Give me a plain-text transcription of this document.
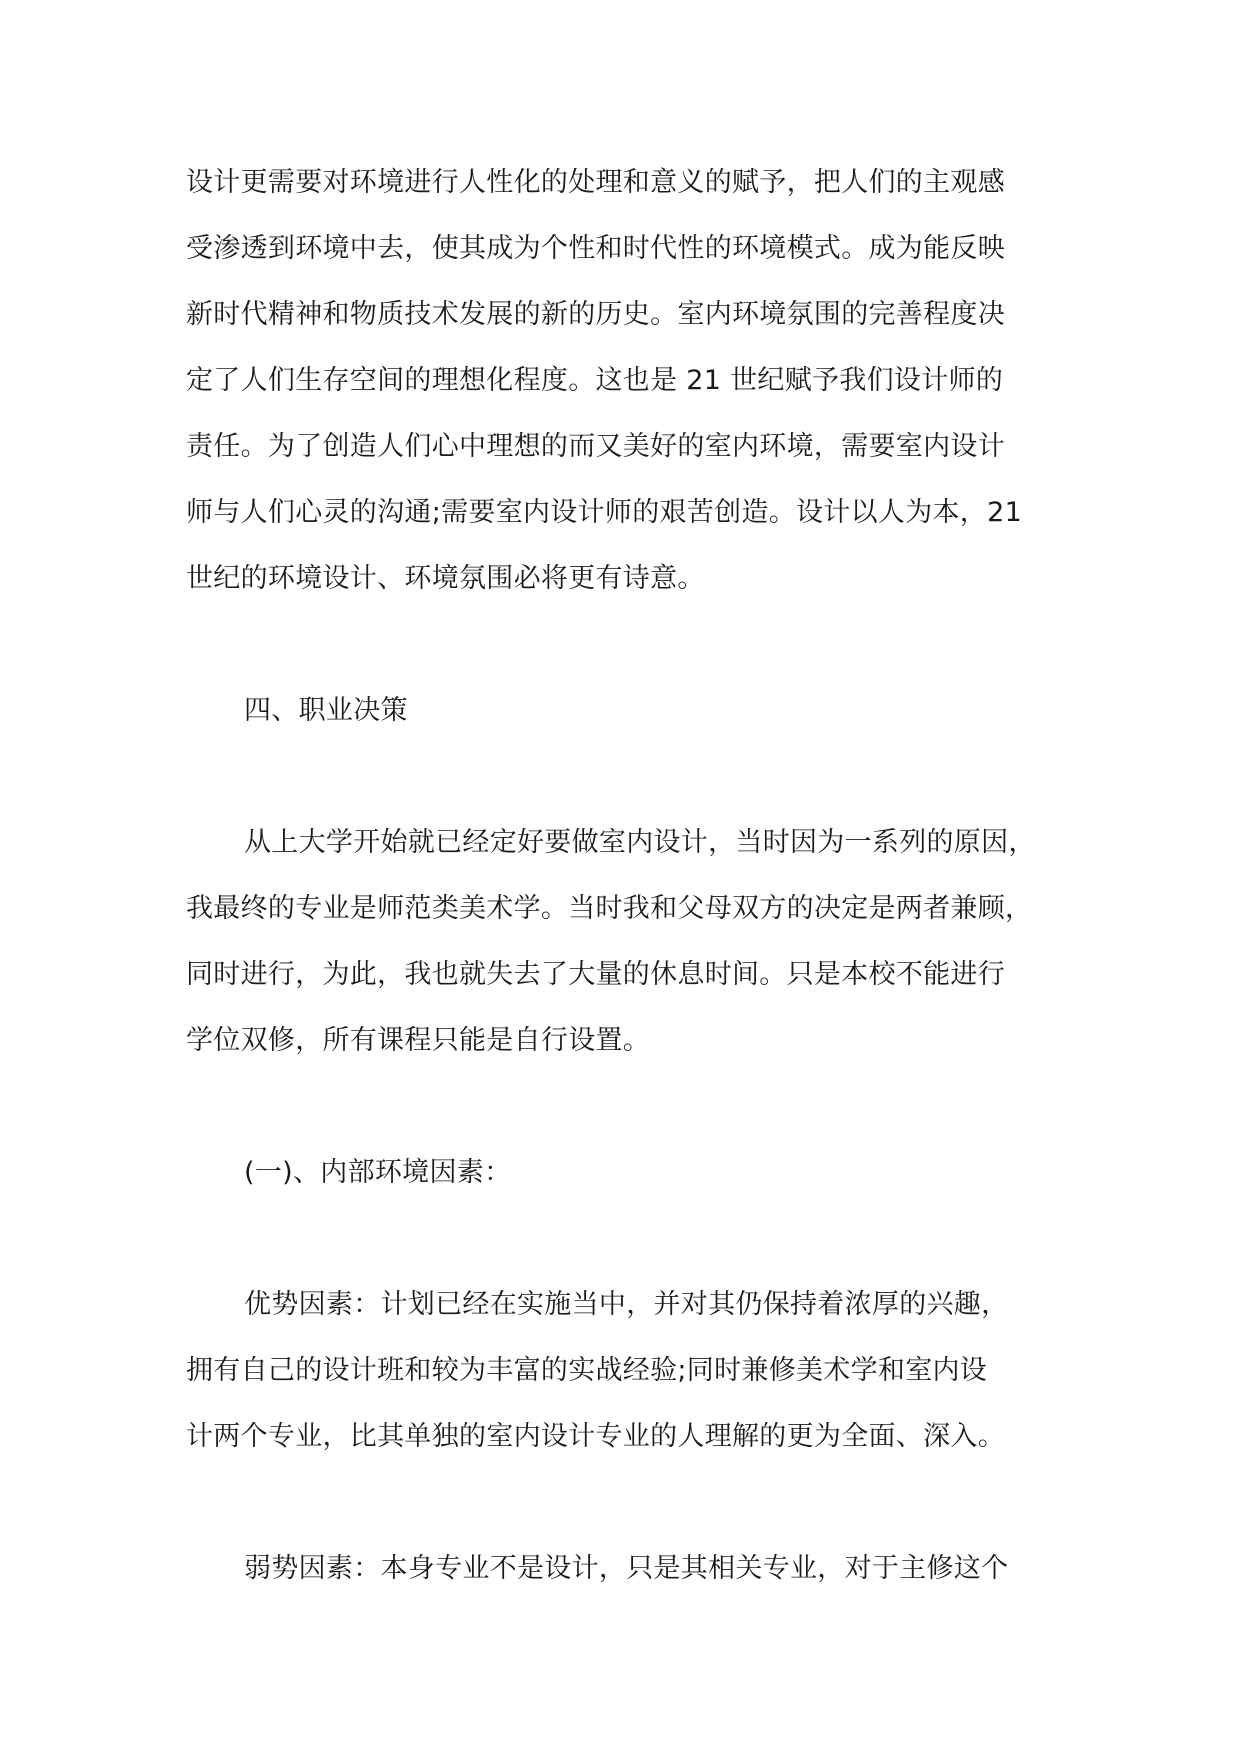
设计更需要对环境进行人性化的处理和意义的赋予，把人们的主观感
受渗透到环境中去，使其成为个性和时代性的环境模式。成为能反映
新时代精神和物质技术发展的新的历史。室内环境氛围的完善程度决
定了人们生存空间的理想化程度。这也是 21 世纪赋予我们设计师的
责任。为了创造人们心中理想的而又美好的室内环境，需要室内设计
师与人们心灵的沟通;需要室内设计师的艰苦创造。设计以人为本，21
世纪的环境设计、环境氛围必将更有诗意。
四、职业决策
从上大学开始就已经定好要做室内设计，当时因为一系列的原因，
我最终的专业是师范类美术学。当时我和父母双方的决定是两者兼顾，
同时进行，为此，我也就失去了大量的休息时间。只是本校不能进行
学位双修，所有课程只能是自行设置。
(一)、内部环境因素：
优势因素：计划已经在实施当中，并对其仍保持着浓厚的兴趣，
拥有自己的设计班和较为丰富的实战经验;同时兼修美术学和室内设
计两个专业，比其单独的室内设计专业的人理解的更为全面、深入。
弱势因素：本身专业不是设计，只是其相关专业，对于主修这个
